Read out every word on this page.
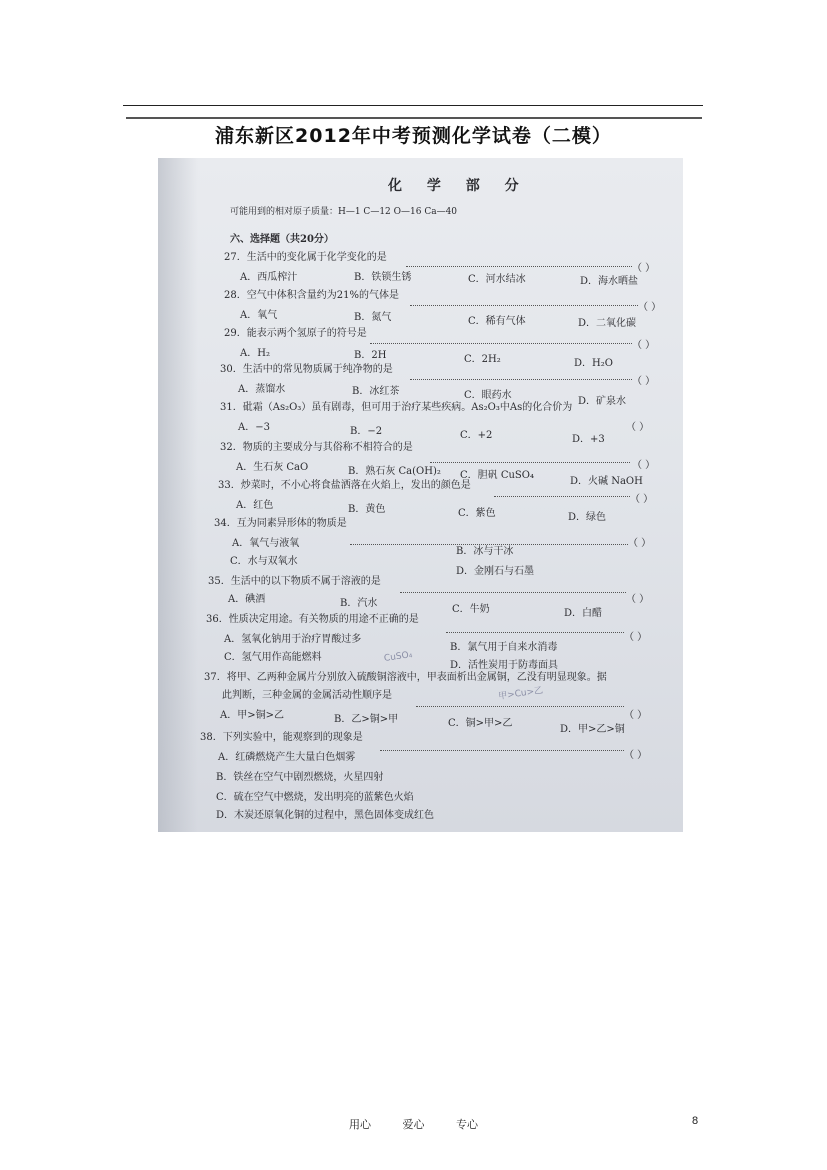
浦东新区2012年中考预测化学试卷（二模）
化 学 部 分
可能用到的相对原子质量：H—1 C—12 O—16 Ca—40
六、选择题（共20分）
27．生活中的变化属于化学变化的是
（ ）
A．西瓜榨汁	B．铁锁生锈	C．河水结冰	D．海水晒盐
28．空气中体积含量约为21%的气体是
（ ）
A．氧气	B．氮气	C．稀有气体	D．二氧化碳
29．能表示两个氢原子的符号是
（ ）
A．H₂	B．2H	C．2H₂	D．H₂O
30．生活中的常见物质属于纯净物的是
（ ）
A．蒸馏水	B．冰红茶	C．眼药水
D．矿泉水
31．砒霜（As₂O₃）虽有剧毒，但可用于治疗某些疾病。As₂O₃中As的化合价为
（ ）
A．−3	B．−2	C．+2	D．+3
32．物质的主要成分与其俗称不相符合的是
（ ）
A．生石灰 CaO	B．熟石灰 Ca(OH)₂ C．胆矾 CuSO₄
D．火碱 NaOH
33．炒菜时，不小心将食盐洒落在火焰上，发出的颜色是
（ ）
A．红色	B．黄色	C．紫色	D．绿色
34．互为同素异形体的物质是
（ ）
A．氧气与液氧
B．冰与干冰
C．水与双氧水
D．金刚石与石墨
35．生活中的以下物质不属于溶液的是
（ ）
A．碘酒	B．汽水
C．牛奶	D．白醋
36．性质决定用途。有关物质的用途不正确的是
（ ）
A．氢氧化钠用于治疗胃酸过多
B．氯气用于自来水消毒
C．氢气用作高能燃料
D．活性炭用于防毒面具
CuSO₄
37．将甲、乙两种金属片分别放入硫酸铜溶液中，甲表面析出金属铜，乙没有明显现象。据
此判断，三种金属的金属活动性顺序是
（ ）
甲>Cu>乙
A．甲>铜>乙	B．乙>铜>甲	C．铜>甲>乙
D．甲>乙>铜
38．下列实验中，能观察到的现象是
（ ）
A．红磷燃烧产生大量白色烟雾
B．铁丝在空气中剧烈燃烧，火星四射
C．硫在空气中燃烧，发出明亮的蓝紫色火焰
D．木炭还原氧化铜的过程中，黑色固体变成红色
用心	爱心	专心	8
